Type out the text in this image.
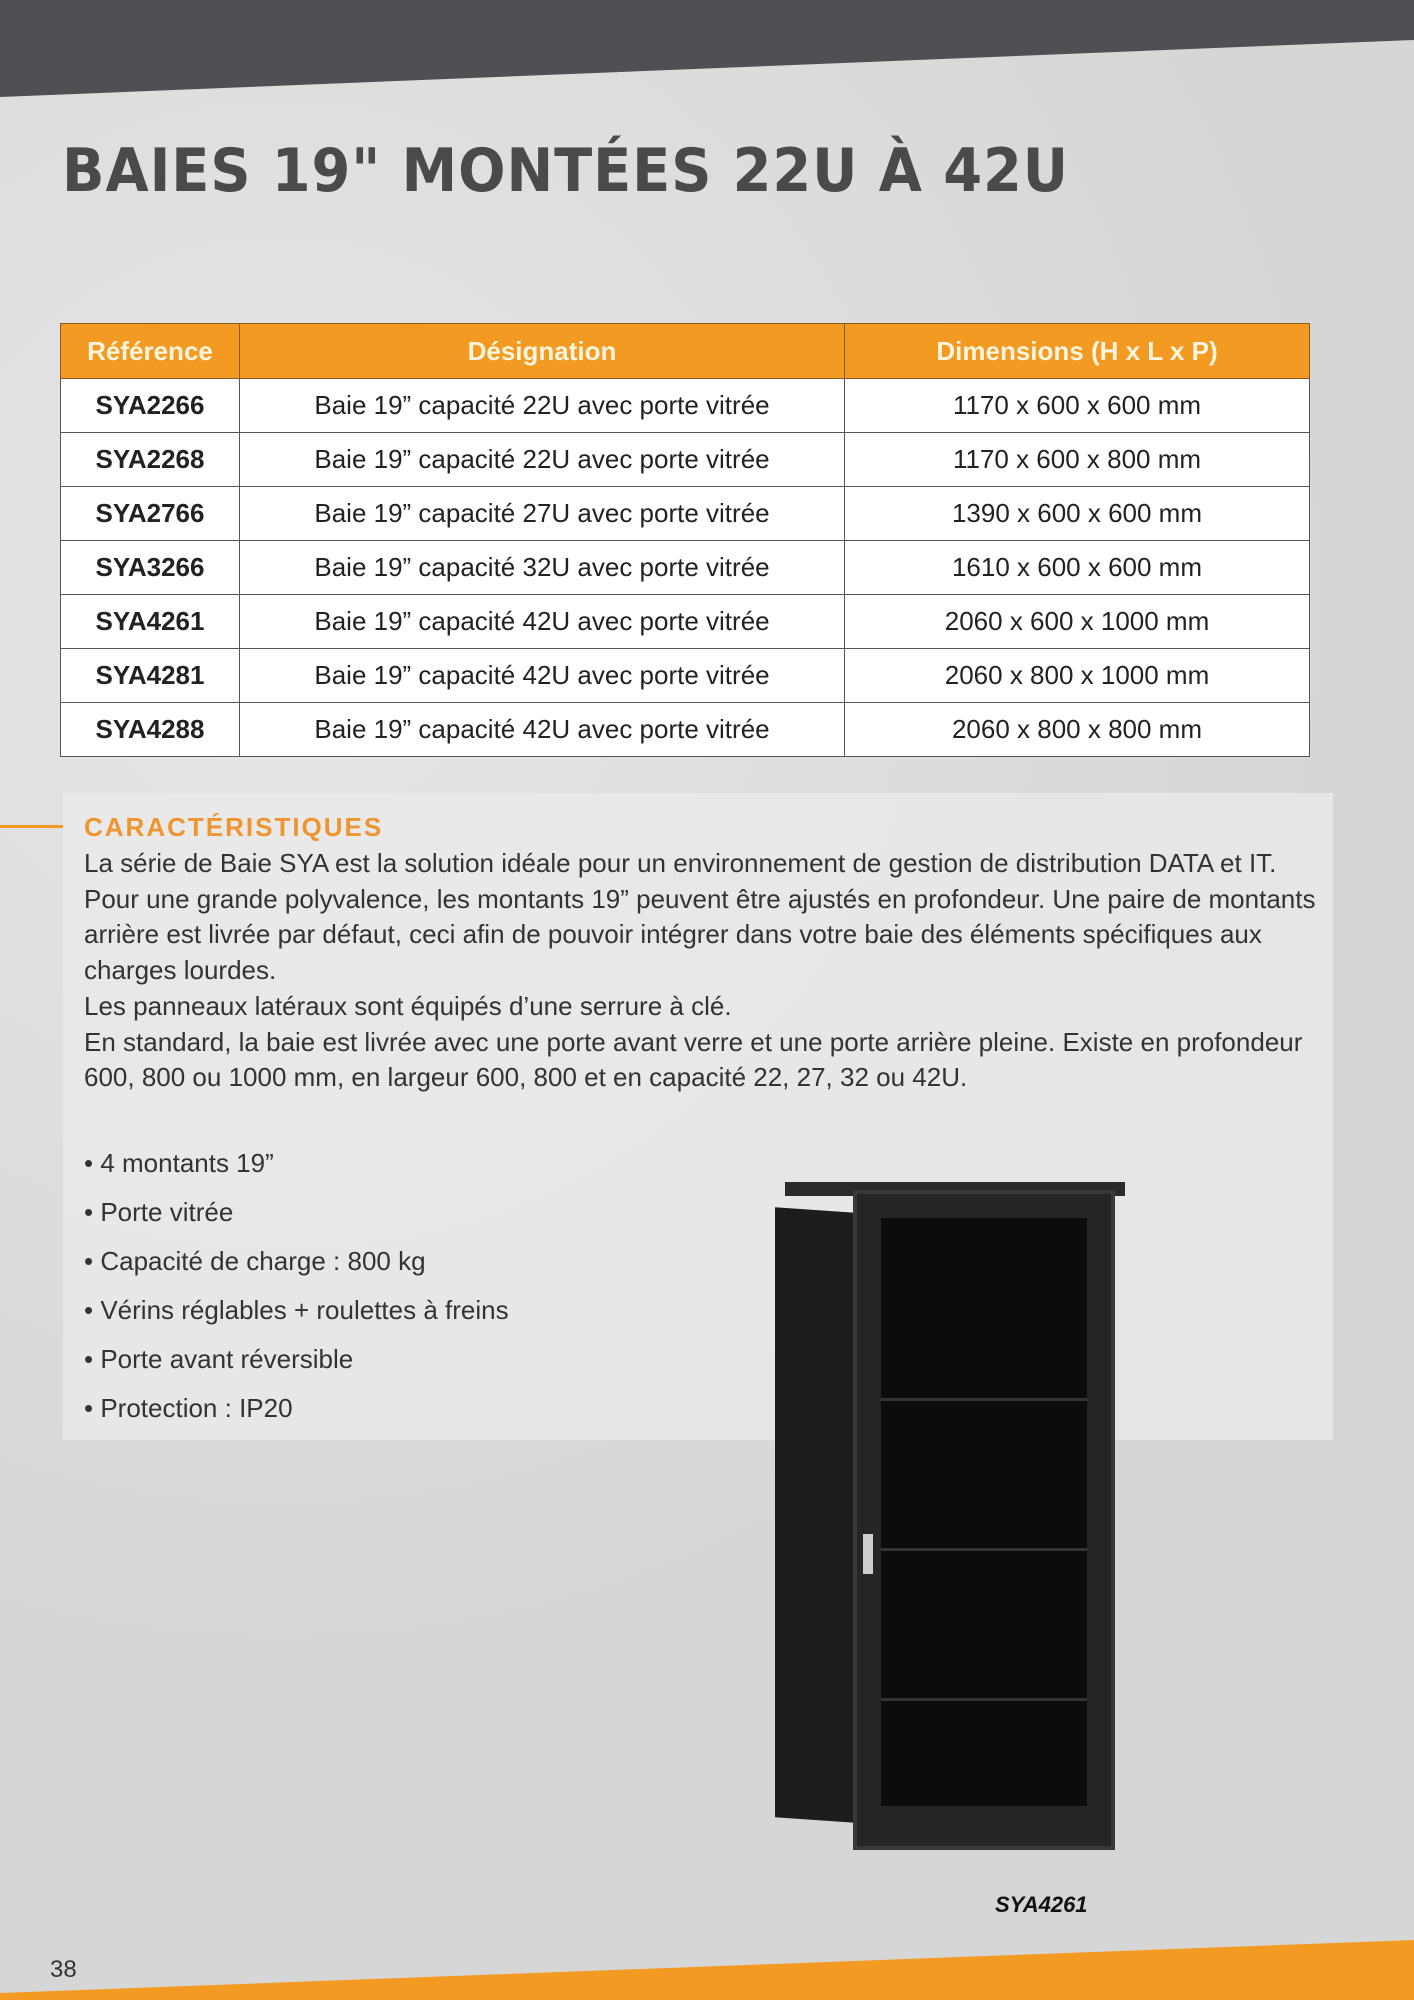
BAIES 19" MONTÉES 22U À 42U
Référence	Désignation	Dimensions (H x L x P)
SYA2266	Baie 19” capacité 22U avec porte vitrée	1170 x 600 x 600 mm
SYA2268	Baie 19” capacité 22U avec porte vitrée	1170 x 600 x 800 mm
SYA2766	Baie 19” capacité 27U avec porte vitrée	1390 x 600 x 600 mm
SYA3266	Baie 19” capacité 32U avec porte vitrée	1610 x 600 x 600 mm
SYA4261	Baie 19” capacité 42U avec porte vitrée	2060 x 600 x 1000 mm
SYA4281	Baie 19” capacité 42U avec porte vitrée	2060 x 800 x 1000 mm
SYA4288	Baie 19” capacité 42U avec porte vitrée	2060 x 800 x 800 mm
CARACTÉRISTIQUES

La série de Baie SYA est la solution idéale pour un environnement de gestion de distribution DATA et IT.

Pour une grande polyvalence, les montants 19” peuvent être ajustés en profondeur. Une paire de montants arrière est livrée par défaut, ceci afin de pouvoir intégrer dans votre baie des éléments spécifiques aux charges lourdes.

Les panneaux latéraux sont équipés d’une serrure à clé.

En standard, la baie est livrée avec une porte avant verre et une porte arrière pleine. Existe en profondeur 600, 800 ou 1000 mm, en largeur 600, 800 et en capacité 22, 27, 32 ou 42U.

• 4 montants 19”
• Porte vitrée
• Capacité de charge : 800 kg
• Vérins réglables + roulettes à freins
• Porte avant réversible
• Protection : IP20
SYA4261
38
